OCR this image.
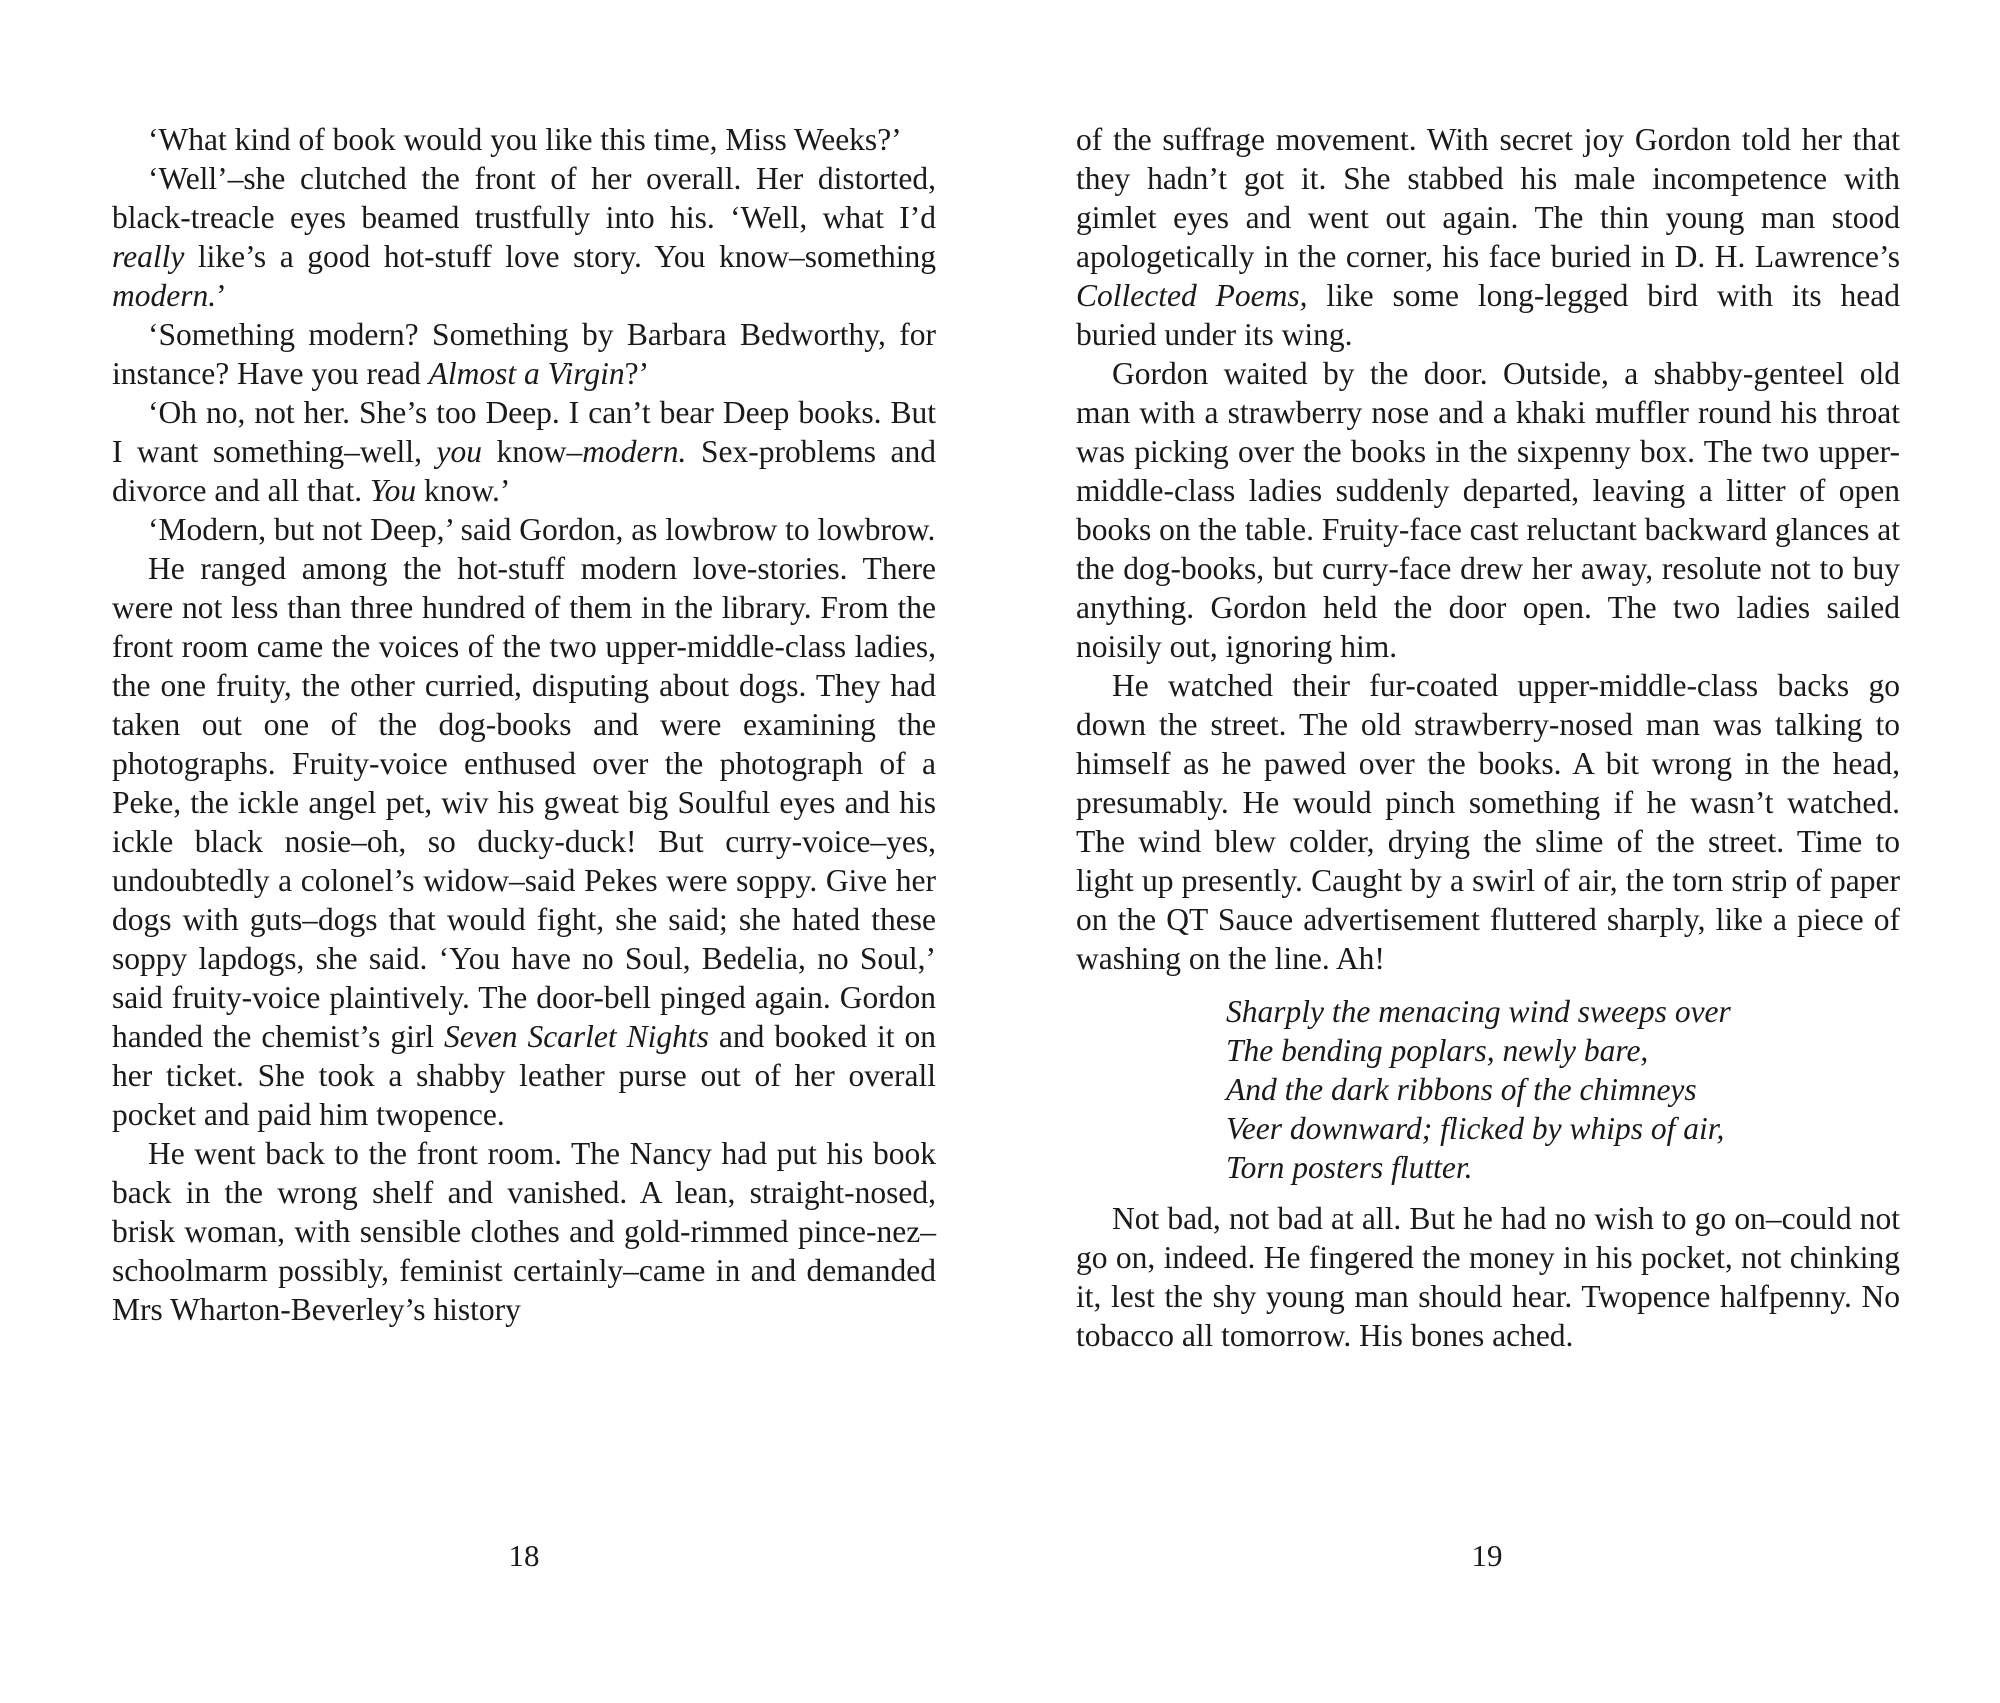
‘What kind of book would you like this time, Miss Weeks?’

‘Well’–she clutched the front of her overall. Her distorted, black-treacle eyes beamed trustfully into his. ‘Well, what I’d really like’s a good hot-stuff love story. You know–something modern.’

‘Something modern? Something by Barbara Bedworthy, for instance? Have you read Almost a Virgin?’

‘Oh no, not her. She’s too Deep. I can’t bear Deep books. But I want something–well, you know–modern. Sex-problems and divorce and all that. You know.’

‘Modern, but not Deep,’ said Gordon, as lowbrow to lowbrow.

He ranged among the hot-stuff modern love-stories. There were not less than three hundred of them in the library. From the front room came the voices of the two upper-middle-class ladies, the one fruity, the other curried, disputing about dogs. They had taken out one of the dog-books and were examining the photographs. Fruity-voice enthused over the photograph of a Peke, the ickle angel pet, wiv his gweat big Soulful eyes and his ickle black nosie–oh, so ducky-duck! But curry-voice–yes, undoubtedly a colonel’s widow–said Pekes were soppy. Give her dogs with guts–dogs that would fight, she said; she hated these soppy lapdogs, she said. ‘You have no Soul, Bedelia, no Soul,’ said fruity-voice plaintively. The door-bell pinged again. Gordon handed the chemist’s girl Seven Scarlet Nights and booked it on her ticket. She took a shabby leather purse out of her overall pocket and paid him twopence.

He went back to the front room. The Nancy had put his book back in the wrong shelf and vanished. A lean, straight-nosed, brisk woman, with sensible clothes and gold-rimmed pince-nez–schoolmarm possibly, feminist certainly–came in and demanded Mrs Wharton-Beverley’s history

18

of the suffrage movement. With secret joy Gordon told her that they hadn’t got it. She stabbed his male incompetence with gimlet eyes and went out again. The thin young man stood apologetically in the corner, his face buried in D. H. Lawrence’s Collected Poems, like some long-legged bird with its head buried under its wing.

Gordon waited by the door. Outside, a shabby-genteel old man with a strawberry nose and a khaki muffler round his throat was picking over the books in the sixpenny box. The two upper-middle-class ladies suddenly departed, leaving a litter of open books on the table. Fruity-face cast reluctant backward glances at the dog-books, but curry-face drew her away, resolute not to buy anything. Gordon held the door open. The two ladies sailed noisily out, ignoring him.

He watched their fur-coated upper-middle-class backs go down the street. The old strawberry-nosed man was talking to himself as he pawed over the books. A bit wrong in the head, presumably. He would pinch something if he wasn’t watched. The wind blew colder, drying the slime of the street. Time to light up presently. Caught by a swirl of air, the torn strip of paper on the QT Sauce advertisement fluttered sharply, like a piece of washing on the line. Ah!

Sharply the menacing wind sweeps over
The bending poplars, newly bare,
And the dark ribbons of the chimneys
Veer downward; flicked by whips of air,
Torn posters flutter.

Not bad, not bad at all. But he had no wish to go on–could not go on, indeed. He fingered the money in his pocket, not chinking it, lest the shy young man should hear. Twopence halfpenny. No tobacco all tomorrow. His bones ached.

19
